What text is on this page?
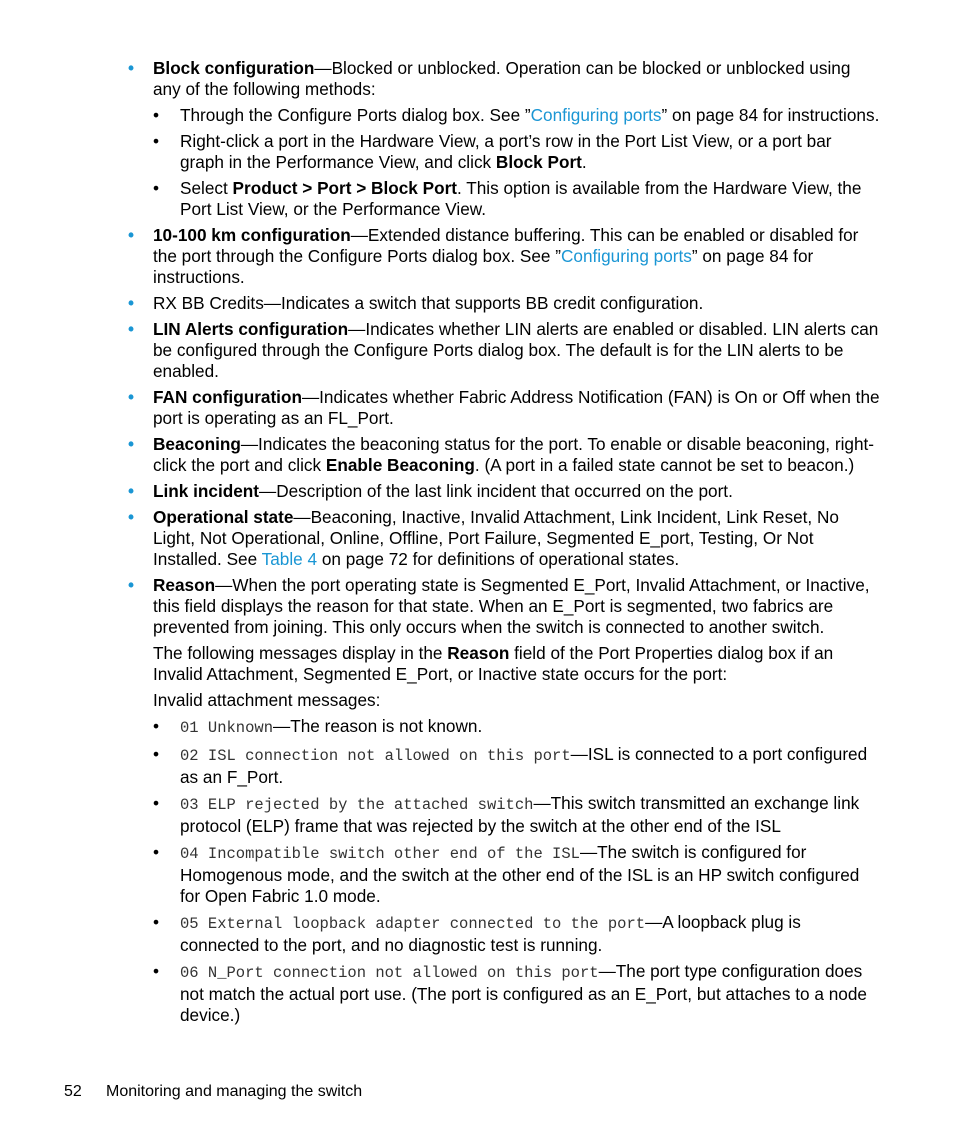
• Block configuration—Blocked or unblocked. Operation can be blocked or unblocked using any of the following methods:
• Through the Configure Ports dialog box. See ”Configuring ports” on page 84 for instructions.
• Right-click a port in the Hardware View, a port’s row in the Port List View, or a port bar graph in the Performance View, and click Block Port.
• Select Product > Port > Block Port. This option is available from the Hardware View, the Port List View, or the Performance View.
• 10-100 km configuration—Extended distance buffering. This can be enabled or disabled for the port through the Configure Ports dialog box. See ”Configuring ports” on page 84 for instructions.
• RX BB Credits—Indicates a switch that supports BB credit configuration.
• LIN Alerts configuration—Indicates whether LIN alerts are enabled or disabled. LIN alerts can be configured through the Configure Ports dialog box. The default is for the LIN alerts to be enabled.
• FAN configuration—Indicates whether Fabric Address Notification (FAN) is On or Off when the port is operating as an FL_Port.
• Beaconing—Indicates the beaconing status for the port. To enable or disable beaconing, right-click the port and click Enable Beaconing. (A port in a failed state cannot be set to beacon.)
• Link incident—Description of the last link incident that occurred on the port.
• Operational state—Beaconing, Inactive, Invalid Attachment, Link Incident, Link Reset, No Light, Not Operational, Online, Offline, Port Failure, Segmented E_port, Testing, Or Not Installed. See Table 4 on page 72 for definitions of operational states.
• Reason—When the port operating state is Segmented E_Port, Invalid Attachment, or Inactive, this field displays the reason for that state. When an E_Port is segmented, two fabrics are prevented from joining. This only occurs when the switch is connected to another switch.
The following messages display in the Reason field of the Port Properties dialog box if an Invalid Attachment, Segmented E_Port, or Inactive state occurs for the port:
Invalid attachment messages:
• 01 Unknown—The reason is not known.
• 02 ISL connection not allowed on this port—ISL is connected to a port configured as an F_Port.
• 03 ELP rejected by the attached switch—This switch transmitted an exchange link protocol (ELP) frame that was rejected by the switch at the other end of the ISL
• 04 Incompatible switch other end of the ISL—The switch is configured for Homogenous mode, and the switch at the other end of the ISL is an HP switch configured for Open Fabric 1.0 mode.
• 05 External loopback adapter connected to the port—A loopback plug is connected to the port, and no diagnostic test is running.
• 06 N_Port connection not allowed on this port—The port type configuration does not match the actual port use. (The port is configured as an E_Port, but attaches to a node device.)
52 Monitoring and managing the switch
